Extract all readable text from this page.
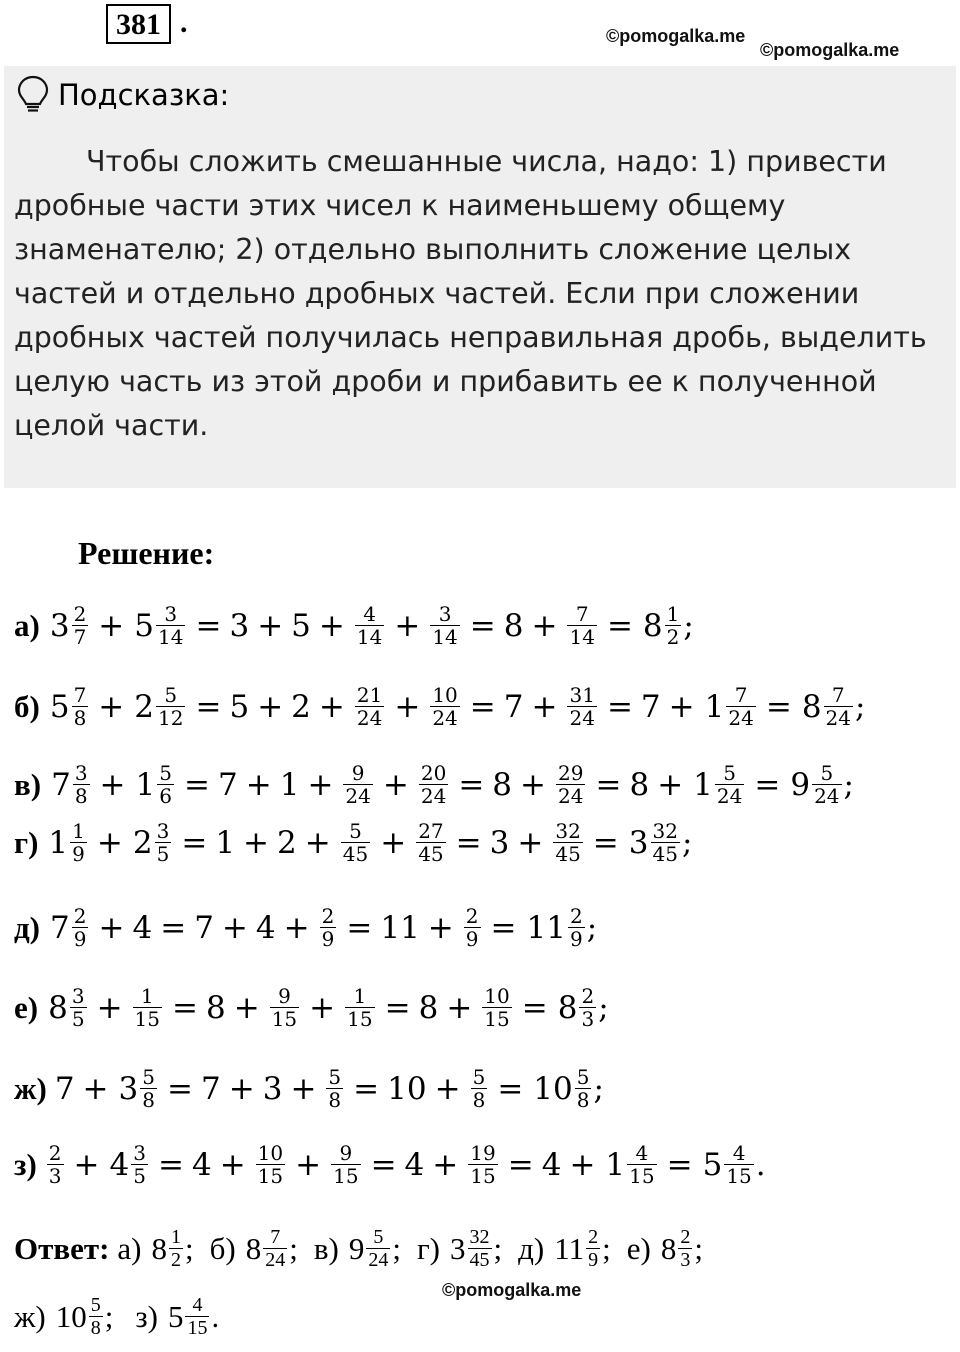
381 .	©pomogalka.me
©pomogalka.me
Подсказка:
Чтобы сложить смешанные числа, надо: 1) привести
дробные части этих чисел к наименьшему общему
знаменателю; 2) отдельно выполнить сложение целых
частей и отдельно дробных частей. Если при сложении
дробных частей получилась неправильная дробь, выделить
целую часть из этой дроби и прибавить ее к полученной
целой части.
Решение:
а) $3 \frac{2}{7} + 5 \frac{3}{14} = 3 + 5 + \frac{4}{14} + \frac{3}{14} = 8 + \frac{7}{14} = 8 \frac{1}{2}$ ;
б) $5 \frac{7}{8} + 2 \frac{5}{12} = 5 + 2 + \frac{21}{24} + \frac{10}{24} = 7 + \frac{31}{24} = 7 + 1 \frac{7}{24} = 8 \frac{7}{24}$ ;
в) $7 \frac{3}{8} + 1 \frac{5}{6} = 7 + 1 + \frac{9}{24} + \frac{20}{24} = 8 + \frac{29}{24} = 8 + 1 \frac{5}{24} = 9 \frac{5}{24}$ ;
г) $1 \frac{1}{9} + 2 \frac{3}{5} = 1 + 2 + \frac{5}{45} + \frac{27}{45} = 3 + \frac{32}{45} = 3 \frac{32}{45}$ ;
д) $7 \frac{2}{9} + 4 = 7 + 4 + \frac{2}{9} = 11 + \frac{2}{9} = 11 \frac{2}{9}$ ;
е) $8 \frac{3}{5} + \frac{1}{15} = 8 + \frac{9}{15} + \frac{1}{15} = 8 + \frac{10}{15} = 8 \frac{2}{3}$ ;
ж) $7 + 3 \frac{5}{8} = 7 + 3 + \frac{5}{8} = 10 + \frac{5}{8} = 10 \frac{5}{8}$ ;
$з) \frac{2}{3} + 4 \frac{3}{5} = 4 + \frac{10}{15} + \frac{9}{15} = 4 + \frac{19}{15} = 4 + 1 \frac{4}{15} = 5 \frac{4}{15}$ .
Ответ: а) $8 \frac{1}{2}$ ; б) $8 \frac{7}{24}$ ; в) $9 \frac{5}{24}$ ; г) $3 \frac{32}{45}$ ; д) $11 \frac{2}{9}$ ; е) $8 \frac{2}{3}$ ;
ж) $10 \frac{5}{8}$ ; з) $5 \frac{4}{15}$ .
©pomogalka.me
